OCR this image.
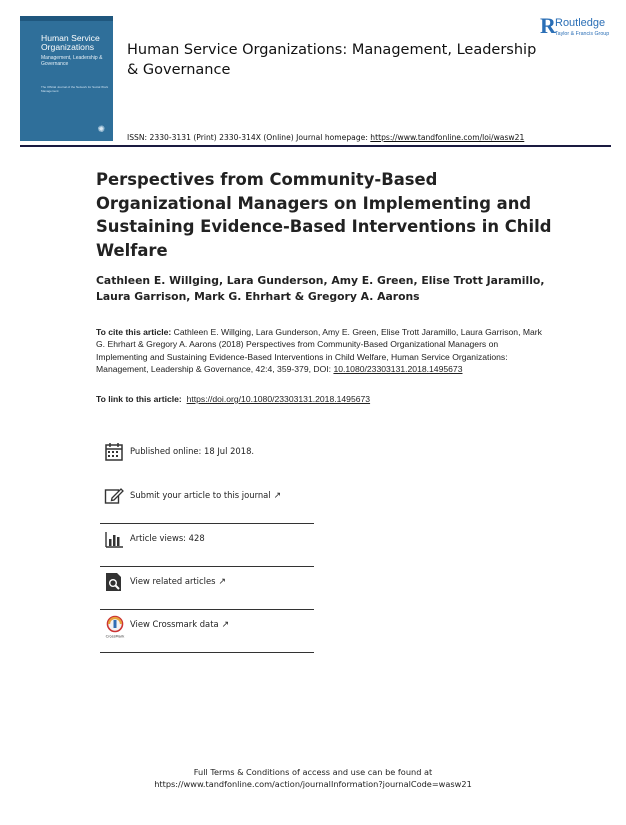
Human Service Organizations
Management, Leadership & Governance
The Official Journal of the Network for Social Work Management
✺
Human Service Organizations: Management, Leadership & Governance
R Routledge
Taylor & Francis Group
ISSN: 2330-3131 (Print) 2330-314X (Online) Journal homepage: https://www.tandfonline.com/loi/wasw21
Perspectives from Community-Based Organizational Managers on Implementing and Sustaining Evidence-Based Interventions in Child Welfare
Cathleen E. Willging, Lara Gunderson, Amy E. Green, Elise Trott Jaramillo, Laura Garrison, Mark G. Ehrhart & Gregory A. Aarons
To cite this article: Cathleen E. Willging, Lara Gunderson, Amy E. Green, Elise Trott Jaramillo, Laura Garrison, Mark G. Ehrhart & Gregory A. Aarons (2018) Perspectives from Community-Based Organizational Managers on Implementing and Sustaining Evidence-Based Interventions in Child Welfare, Human Service Organizations: Management, Leadership & Governance, 42:4, 359-379, DOI: 10.1080/23303131.2018.1495673
To link to this article:  https://doi.org/10.1080/23303131.2018.1495673
Published online: 18 Jul 2018.
Submit your article to this journal ↗
Article views: 428
View related articles ↗
CrossMark
View Crossmark data ↗
Full Terms & Conditions of access and use can be found at
https://www.tandfonline.com/action/journalInformation?journalCode=wasw21
